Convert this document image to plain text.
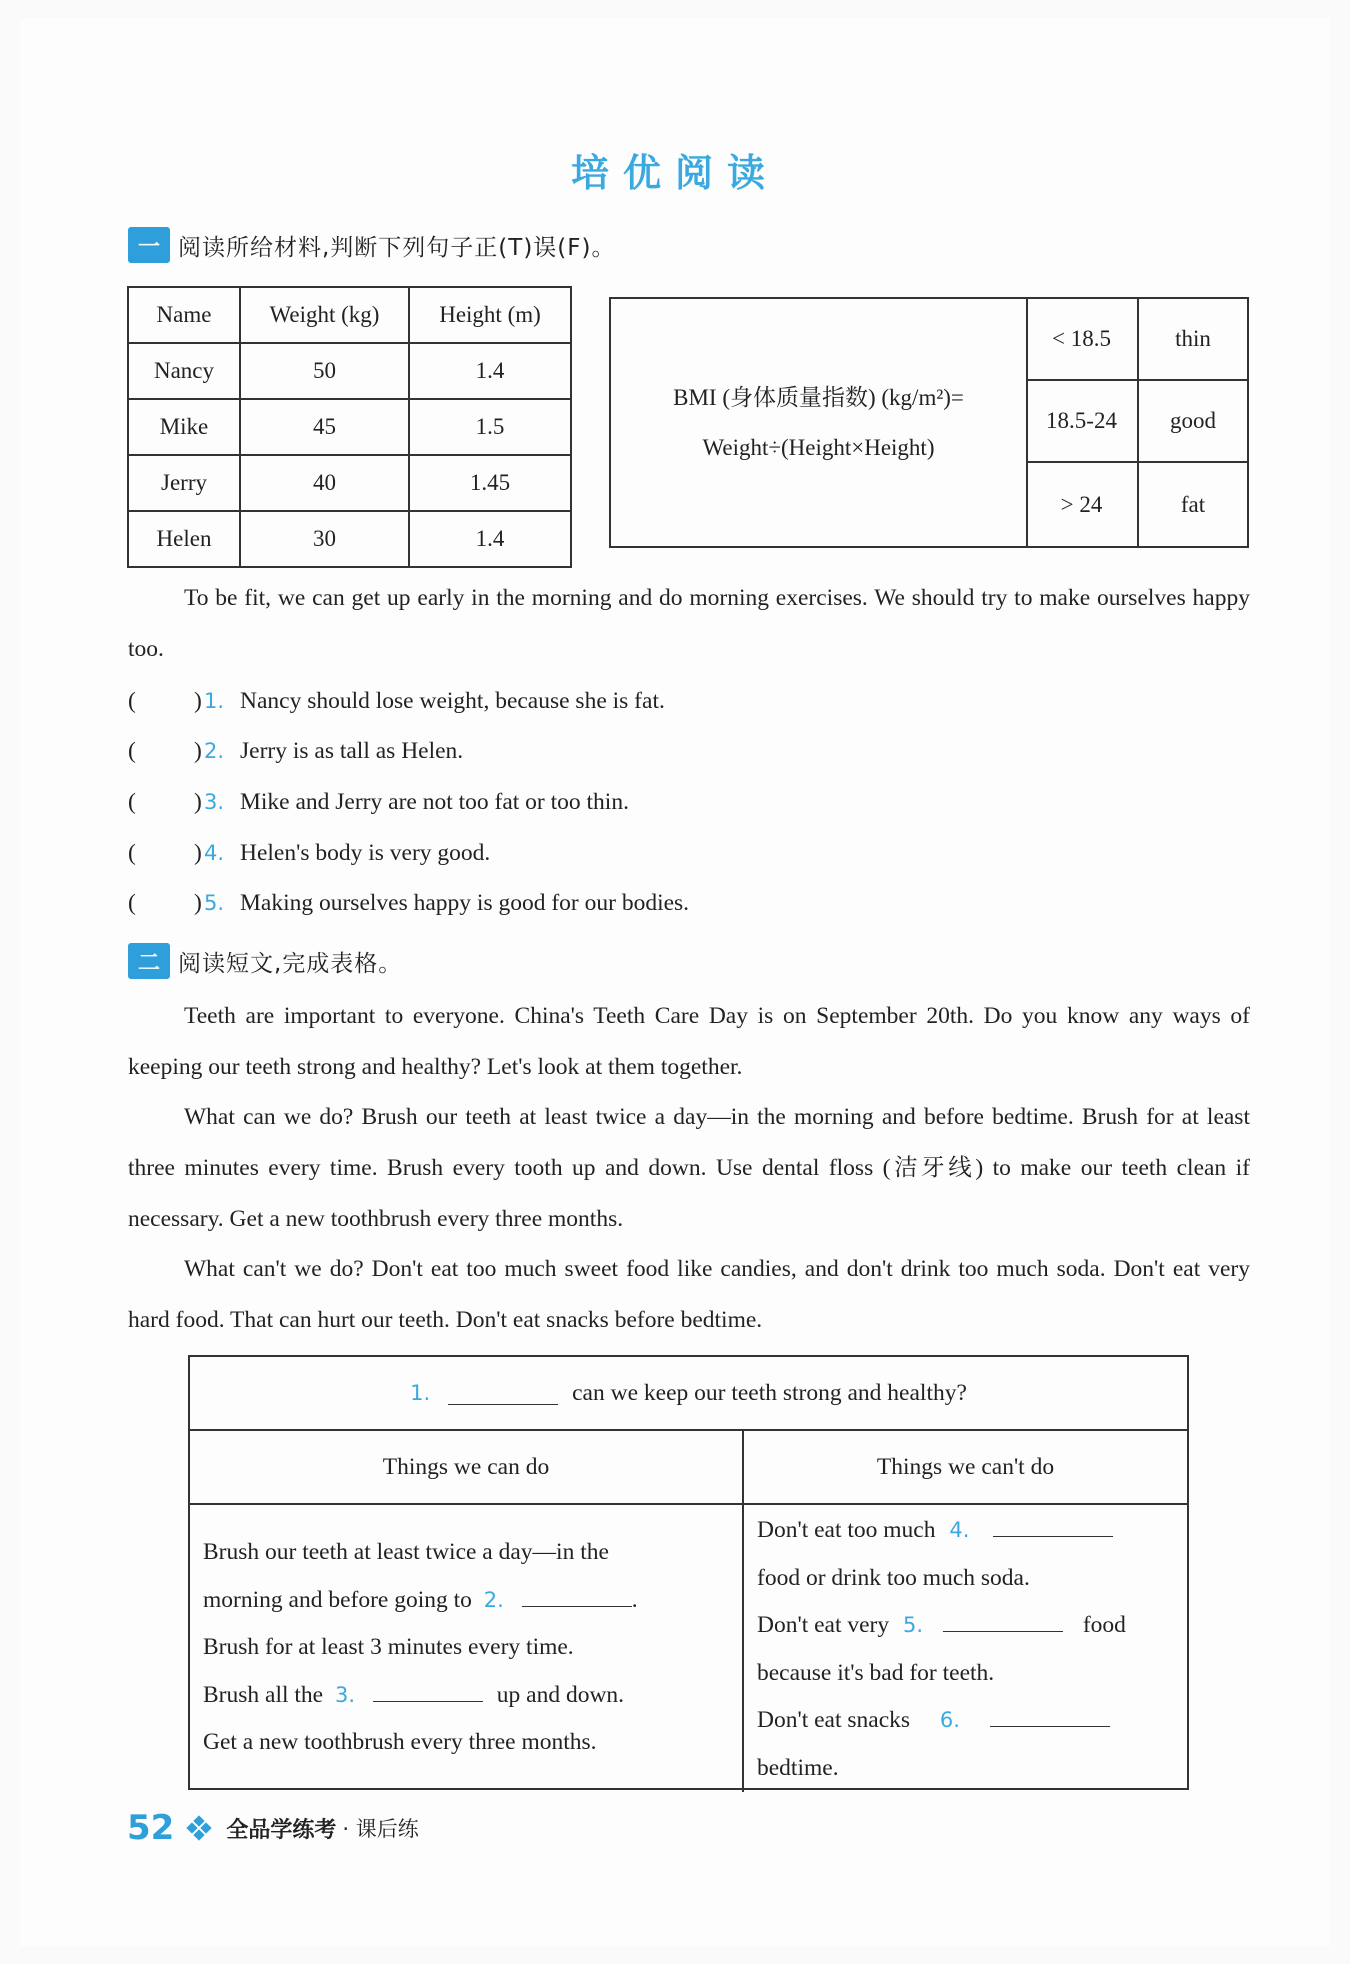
培优阅读
一 阅读所给材料,判断下列句子正(T)误(F)。
Name	Weight (kg)	Height (m)
Nancy	50	1.4
Mike	45	1.5
Jerry	40	1.45
Helen	30	1.4
BMI (身体质量指数) (kg/m²)=
Weight÷(Height×Height)
< 18.5	thin
18.5-24	good
> 24	fat
To be fit, we can get up early in the morning and do morning exercises. We should try to make ourselves happy too.
(	) 1. Nancy should lose weight, because she is fat.
(	) 2. Jerry is as tall as Helen.
(	) 3. Mike and Jerry are not too fat or too thin.
(	) 4. Helen's body is very good.
(	) 5. Making ourselves happy is good for our bodies.
二 阅读短文,完成表格。
Teeth are important to everyone. China's Teeth Care Day is on September 20th. Do you know any ways of keeping our teeth strong and healthy? Let's look at them together.
What can we do? Brush our teeth at least twice a day—in the morning and before bedtime. Brush for at least three minutes every time. Brush every tooth up and down. Use dental floss (洁牙线) to make our teeth clean if necessary. Get a new toothbrush every three months.
What can't we do? Don't eat too much sweet food like candies, and don't drink too much soda. Don't eat very hard food. That can hurt our teeth. Don't eat snacks before bedtime.
1.	can we keep our teeth strong and healthy?
Things we can do	Things we can't do
Brush our teeth at least twice a day—in the
morning and before going to 2.	.
Brush for at least 3 minutes every time.
Brush all the 3.	up and down.
Get a new toothbrush every three months.
Don't eat too much 4.
food or drink too much soda.
Don't eat very 5.	food
because it's bad for teeth.
Don't eat snacks 6.
bedtime.
52 全品学练考 · 课后练
